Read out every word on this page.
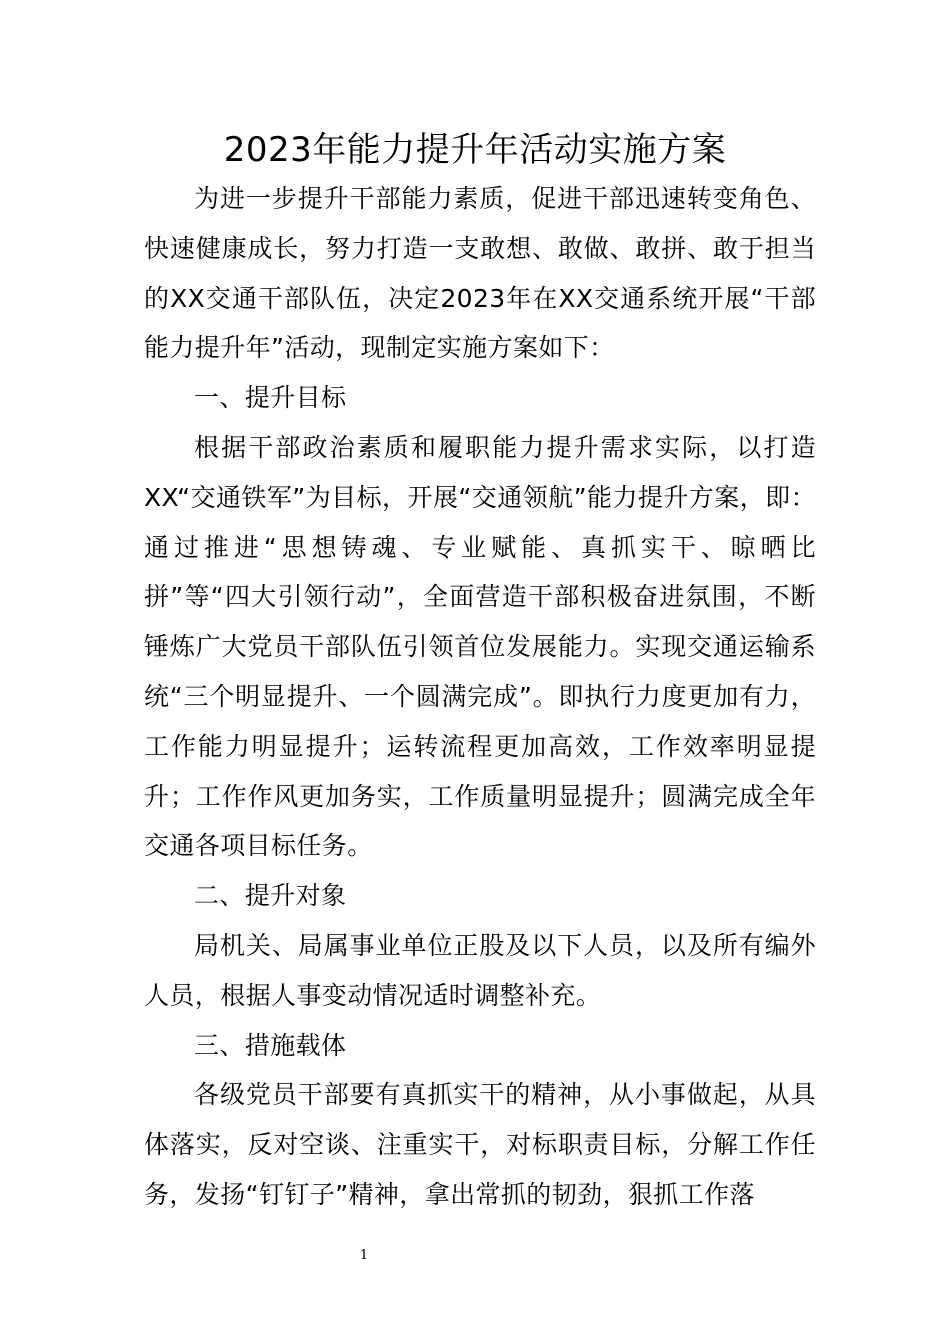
2023年能力提升年活动实施方案

为进一步提升干部能力素质，促进干部迅速转变角色、快速健康成长，努力打造一支敢想、敢做、敢拼、敢于担当的XX交通干部队伍，决定2023年在XX交通系统开展“干部能力提升年”活动，现制定实施方案如下：

一、提升目标

根据干部政治素质和履职能力提升需求实际，以打造XX“交通铁军”为目标，开展“交通领航”能力提升方案，即：通过推进“思想铸魂、专业赋能、真抓实干、晾晒比拼”等“四大引领行动”，全面营造干部积极奋进氛围，不断锤炼广大党员干部队伍引领首位发展能力。实现交通运输系统“三个明显提升、一个圆满完成”。即执行力度更加有力，工作能力明显提升；运转流程更加高效，工作效率明显提升；工作作风更加务实，工作质量明显提升；圆满完成全年交通各项目标任务。

二、提升对象

局机关、局属事业单位正股及以下人员，以及所有编外人员，根据人事变动情况适时调整补充。

三、措施载体

各级党员干部要有真抓实干的精神，从小事做起，从具体落实，反对空谈、注重实干，对标职责目标，分解工作任务，发扬“钉钉子”精神，拿出常抓的韧劲，狠抓工作落

1
